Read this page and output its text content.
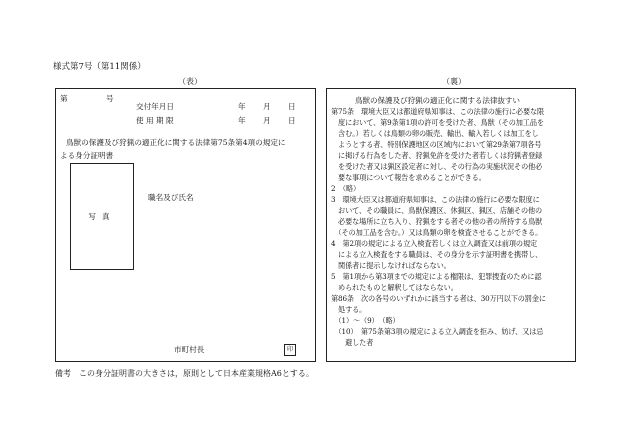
様式第7号（第11関係）
（表）	（裏）
第	号
交付年月日	年 月 日
使 用 期 限	年 月 日
鳥獣の保護及び狩猟の適正化に関する法律第75条第4項の規定に
よる身分証明書
写真
職名及び氏名
市町村長	印
鳥獣の保護及び狩猟の適正化に関する法律抜すい
第75条　環境大臣又は都道府県知事は、この法律の施行に必要な限
　度において、第9条第1項の許可を受けた者、鳥獣（その加工品を
　含む。）若しくは鳥類の卵の販売、輸出、輸入若しくは加工をし
　ようとする者、特別保護地区の区域内において第29条第7項各号
　に掲げる行為をした者、狩猟免許を受けた者若しくは狩猟者登録
　を受けた者又は猟区設定者に対し、その行為の実施状況その他必
　要な事項について報告を求めることができる。
2　（略）
3　環境大臣又は都道府県知事は、この法律の施行に必要な限度に
　おいて、その職員に、鳥獣保護区、休猟区、猟区、店舗その他の
　必要な場所に立ち入り、狩猟をする者その他の者の所持する鳥獣
　（その加工品を含む。）又は鳥類の卵を検査させることができる。
4　第2項の規定による立入検査若しくは立入調査又は前項の規定
　による立入検査をする職員は、その身分を示す証明書を携帯し、
　関係者に提示しなければならない。
5　第1項から第3項までの規定による権限は、犯罪捜査のために認
　められたものと解釈してはならない。
第86条　次の各号のいずれかに該当する者は、30万円以下の罰金に
　処する。
　（1）～（9）　（略）
　（10）　第75条第3項の規定による立入調査を拒み、妨げ、又は忌
　　避した者
備考　この身分証明書の大きさは，原則として日本産業規格A6とする。
